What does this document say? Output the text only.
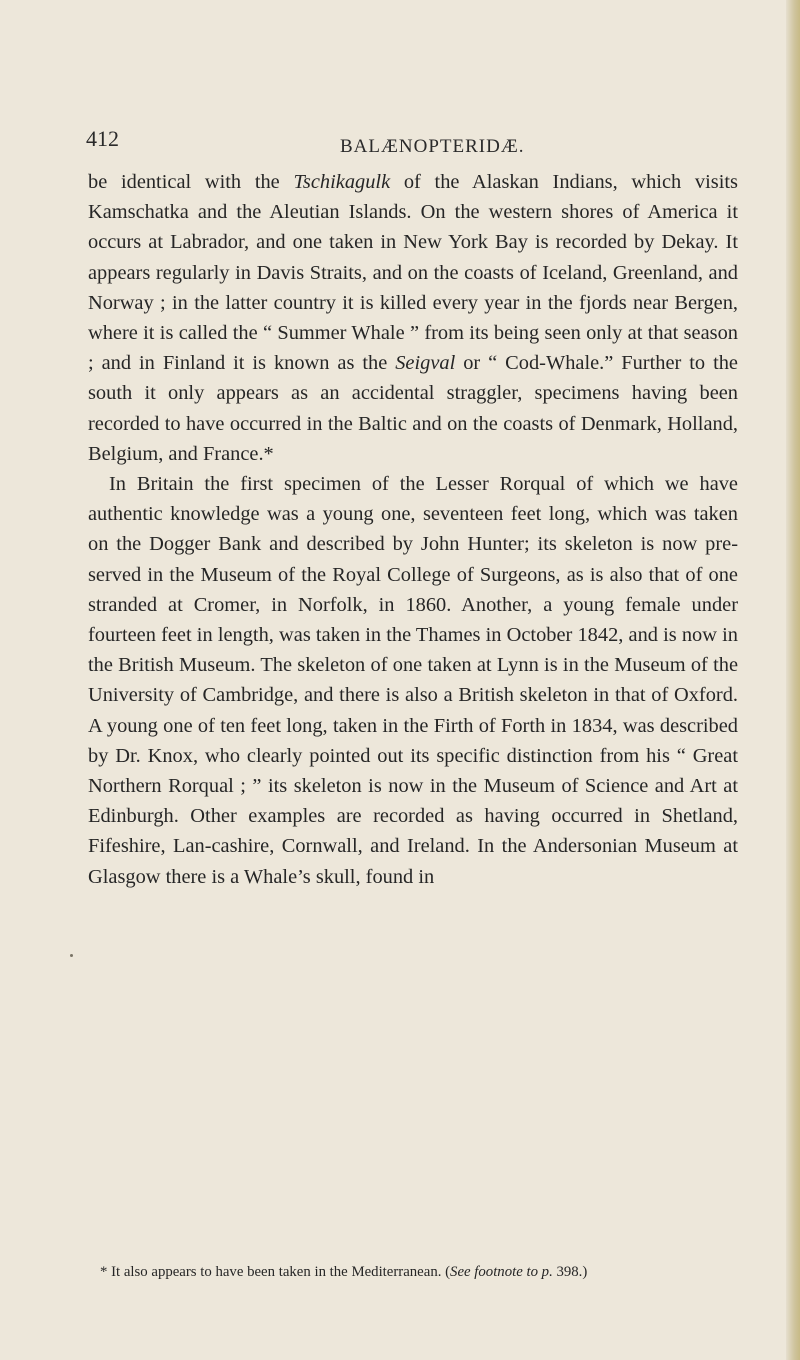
412	BALÆNOPTERIDÆ.

be identical with the Tschikagulk of the Alaskan Indians, which visits Kamschatka and the Aleutian Islands. On the western shores of America it occurs at Labrador, and one taken in New York Bay is recorded by Dekay. It appears regularly in Davis Straits, and on the coasts of Iceland, Greenland, and Norway ; in the latter country it is killed every year in the fjords near Bergen, where it is called the “ Summer Whale ” from its being seen only at that season ; and in Finland it is known as the Seigval or “ Cod-Whale.” Further to the south it only appears as an accidental straggler, specimens having been recorded to have occurred in the Baltic and on the coasts of Denmark, Holland, Belgium, and France.*

In Britain the first specimen of the Lesser Rorqual of which we have authentic knowledge was a young one, seventeen feet long, which was taken on the Dogger Bank and described by John Hunter; its skeleton is now pre-served in the Museum of the Royal College of Surgeons, as is also that of one stranded at Cromer, in Norfolk, in 1860. Another, a young female under fourteen feet in length, was taken in the Thames in October 1842, and is now in the British Museum. The skeleton of one taken at Lynn is in the Museum of the University of Cambridge, and there is also a British skeleton in that of Oxford. A young one of ten feet long, taken in the Firth of Forth in 1834, was described by Dr. Knox, who clearly pointed out its specific distinction from his “ Great Northern Rorqual ; ” its skeleton is now in the Museum of Science and Art at Edinburgh. Other examples are recorded as having occurred in Shetland, Fifeshire, Lan-cashire, Cornwall, and Ireland. In the Andersonian Museum at Glasgow there is a Whale’s skull, found in

* It also appears to have been taken in the Mediterranean. (See footnote to p. 398.)
